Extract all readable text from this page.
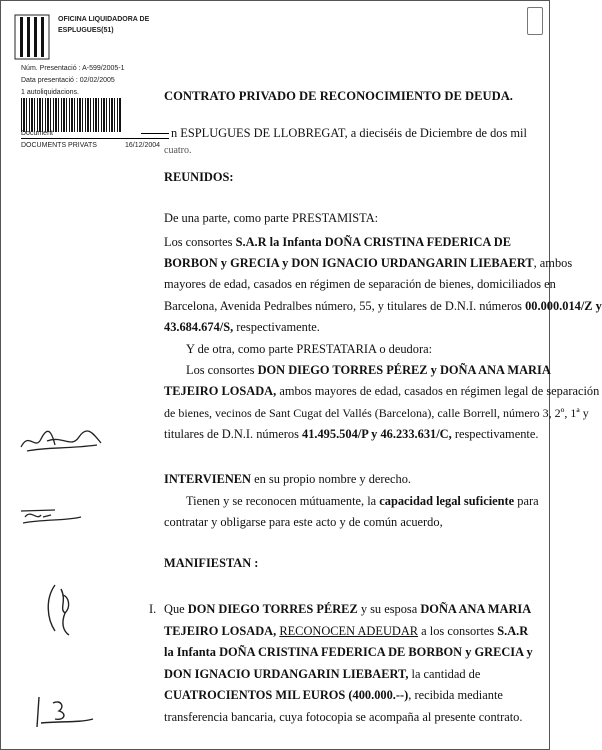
OFICINA LIQUIDADORA DE
ESPLUGUES(51)
Núm. Presentació : A-599/2005-1
Data presentació : 02/02/2005
1 autoliquidacions.
Document
DOCUMENTS PRIVATS	16/12/2004
CONTRATO PRIVADO DE RECONOCIMIENTO DE DEUDA.
n ESPLUGUES DE LLOBREGAT, a dieciséis de Diciembre de dos mil
cuatro.
REUNIDOS:
De una parte, como parte PRESTAMISTA:
Los consortes S.A.R la Infanta DOÑA CRISTINA FEDERICA DE
BORBON y GRECIA y DON IGNACIO URDANGARIN LIEBAERT, ambos
mayores de edad, casados en régimen de separación de bienes, domiciliados en
Barcelona, Avenida Pedralbes número, 55, y titulares de D.N.I. números 00.000.014/Z y
43.684.674/S, respectivamente.
Y de otra, como parte PRESTATARIA o deudora:
Los consortes DON DIEGO TORRES PÉREZ y DOÑA ANA MARIA
TEJEIRO LOSADA, ambos mayores de edad, casados en régimen legal de separación
de bienes, vecinos de Sant Cugat del Vallés (Barcelona), calle Borrell, número 3, 2º, 1ª y
titulares de D.N.I. números 41.495.504/P y 46.233.631/C, respectivamente.
INTERVIENEN en su propio nombre y derecho.
Tienen y se reconocen mútuamente, la capacidad legal suficiente para
contratar y obligarse para este acto y de común acuerdo,
MANIFIESTAN :
I. Que DON DIEGO TORRES PÉREZ y su esposa DOÑA ANA MARIA
TEJEIRO LOSADA, RECONOCEN ADEUDAR a los consortes S.A.R
la Infanta DOÑA CRISTINA FEDERICA DE BORBON y GRECIA y
DON IGNACIO URDANGARIN LIEBAERT, la cantidad de
CUATROCIENTOS MIL EUROS (400.000.--), recibida mediante
transferencia bancaria, cuya fotocopia se acompaña al presente contrato.
